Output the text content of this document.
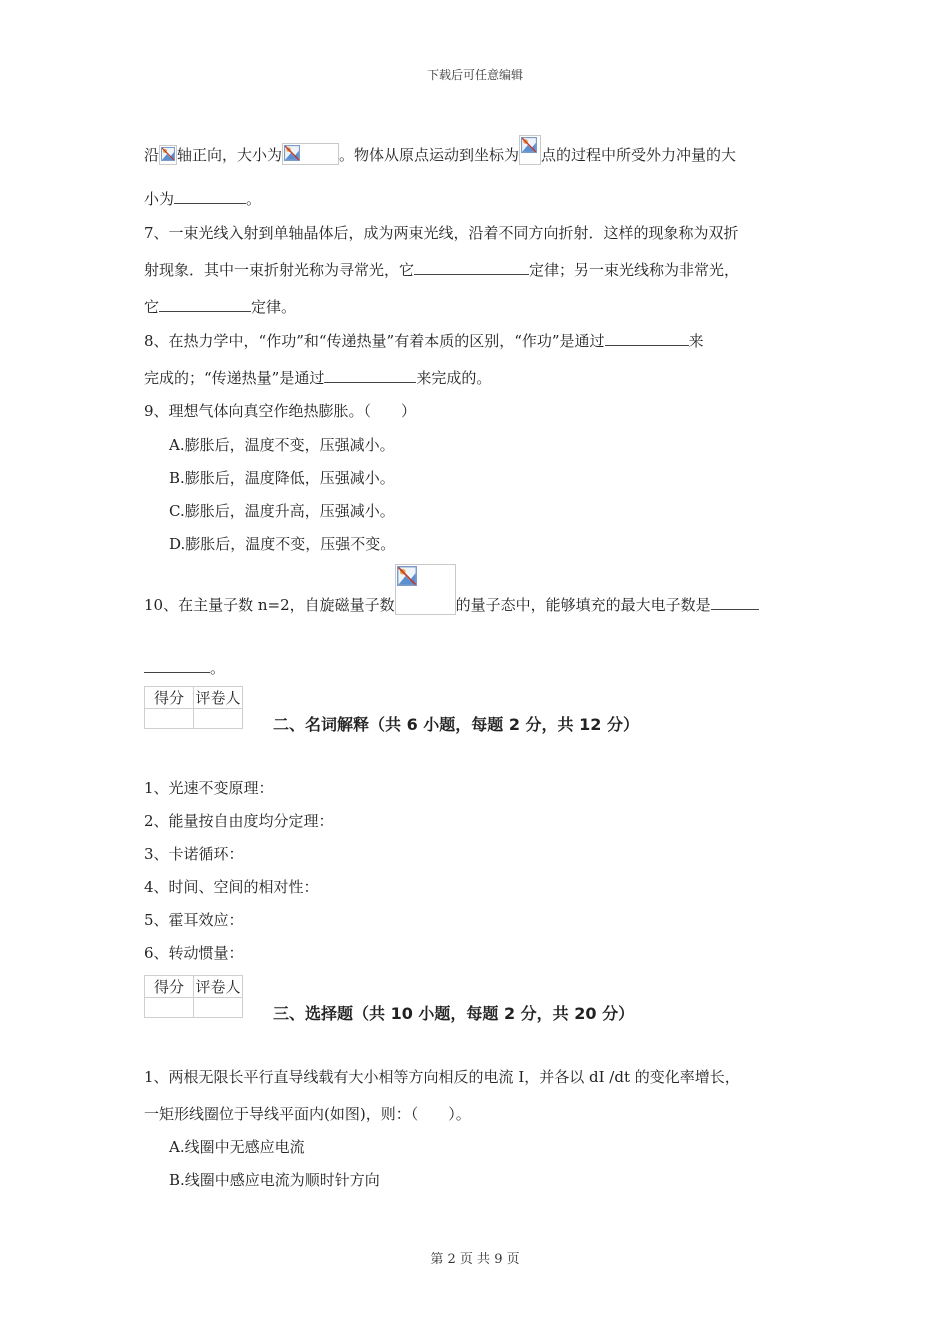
下载后可任意编辑
沿 轴正向，大小为	。物体从原点运动到坐标为 点的过程中所受外力冲量的大
小为	。
7、一束光线入射到单轴晶体后，成为两束光线，沿着不同方向折射．这样的现象称为双折
射现象．其中一束折射光称为寻常光，它	定律；另一束光线称为非常光，
它	定律。
8、在热力学中，“作功”和“传递热量”有着本质的区别，“作功”是通过	来
完成的；“传递热量”是通过	来完成的。
9、理想气体向真空作绝热膨胀。（　　）
A.膨胀后，温度不变，压强减小。
B.膨胀后，温度降低，压强减小。
C.膨胀后，温度升高，压强减小。
D.膨胀后，温度不变，压强不变。
10、在主量子数 n=2，自旋磁量子数	的量子态中，能够填充的最大电子数是
。
得分	评卷人

二、名词解释（共 6 小题，每题 2 分，共 12 分）
1、光速不变原理：
2、能量按自由度均分定理：
3、卡诺循环：
4、时间、空间的相对性：
5、霍耳效应：
6、转动惯量：
得分	评卷人

三、选择题（共 10 小题，每题 2 分，共 20 分）
1、两根无限长平行直导线载有大小相等方向相反的电流 I，并各以 dI /dt 的变化率增长，
一矩形线圈位于导线平面内(如图)，则：（　　）。
A.线圈中无感应电流
B.线圈中感应电流为顺时针方向
第 2 页 共 9 页
